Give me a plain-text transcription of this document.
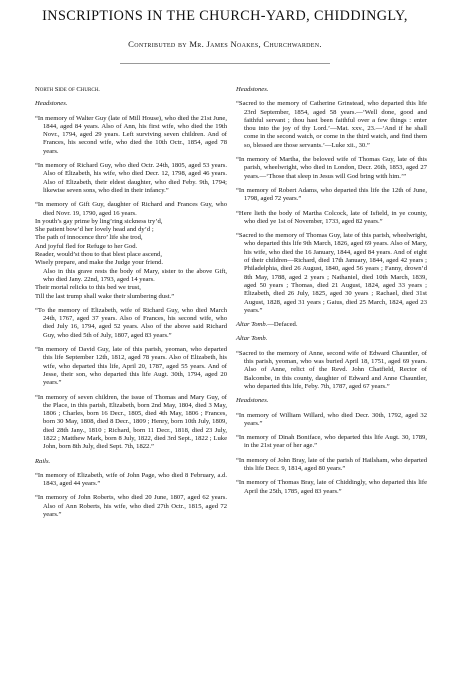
INSCRIPTIONS IN THE CHURCH-YARD, CHIDDINGLY,
Contributed by Mr. James Noakes, Churchwarden.

North Side of Church.

Headstones.

“In memory of Walter Guy (late of Mill House), who died the 21st June, 1844, aged 84 years. Also of Ann, his first wife, who died the 19th Novr., 1794, aged 29 years. Left surviving seven children. And of Frances, his second wife, who died the 10th Octr., 1854, aged 78 years.

“In memory of Richard Guy, who died Octr. 24th, 1805, aged 53 years. Also of Elizabeth, his wife, who died Decr. 12, 1798, aged 46 years. Also of Elizabeth, their eldest daughter, who died Feby. 9th, 1794; likewise seven sons, who died in their infancy.”

“In memory of Gift Guy, daughter of Richard and Frances Guy, who died Novr. 19, 1790, aged 16 years.

In youth’s gay prime by ling’ring sickness try’d,

She patient bow’d her lovely head and dy’d ;

The path of innocence thro’ life she trod,

And joyful fled for Refuge to her God.

Reader, would’st thou to that blest place ascend,

Wisely prepare, and make the Judge your friend.

Also in this grave rests the body of Mary, sister to the above Gift, who died Jany. 22nd, 1793, aged 14 years.

Their mortal relicks to this bed we trust,

Till the last trump shall wake their slumbering dust.”

“To the memory of Elizabeth, wife of Richard Guy, who died March 24th, 1767, aged 37 years. Also of Frances, his second wife, who died July 16, 1794, aged 52 years. Also of the above said Richard Guy, who died 5th of July, 1807, aged 83 years.”

“In memory of David Guy, late of this parish, yeoman, who departed this life September 12th, 1812, aged 78 years. Also of Elizabeth, his wife, who departed this life, April 20, 1787, aged 55 years. And of Jesse, their son, who departed this life Augt. 30th, 1794, aged 20 years.”

“In memory of seven children, the issue of Thomas and Mary Guy, of the Place, in this parish, Elizabeth, born 2nd May, 1804, died 3 May, 1806 ; Charles, born 16 Decr., 1805, died 4th May, 1806 ; Frances, born 30 May, 1808, died 8 Decr., 1809 ; Henry, born 10th July, 1809, died 28th Jany., 1810 ; Richard, born 11 Decr., 1818, died 23 July, 1822 ; Matthew Mark, born 8 July, 1822, died 3rd Sept., 1822 ; Luke John, born 8th July, died Sept. 7th, 1822.”

Rails.

“In memory of Elizabeth, wife of John Page, who died 8 February, a.d. 1843, aged 44 years.”

“In memory of John Roberts, who died 20 June, 1807, aged 62 years. Also of Ann Roberts, his wife, who died 27th Octr., 1815, aged 72 years.”

Headstones.

“Sacred to the memory of Catherine Grinstead, who departed this life 23rd September, 1854, aged 58 years.—‘Well done, good and faithful servant ; thou hast been faithful over a few things : enter thou into the joy of thy Lord.’—Mat. xxv., 23.—‘And if he shall come in the second watch, or come in the third watch, and find them so, blessed are those servants.’—Luke xii., 30.”

“In memory of Martha, the beloved wife of Thomas Guy, late of this parish, wheelwright, who died in London, Decr. 26th, 1853, aged 27 years.—‘Those that sleep in Jesus will God bring with him.’”

“In memory of Robert Adams, who departed this life the 12th of June, 1798, aged 72 years.”

“Here lieth the body of Martha Colcock, late of Isfield, in ye county, who died ye 1st of November, 1733, aged 82 years.”

“Sacred to the memory of Thomas Guy, late of this parish, wheelwright, who departed this life 9th March, 1826, aged 69 years. Also of Mary, his wife, who died the 16 January, 1844, aged 84 years. And of eight of their children—Richard, died 17th January, 1844, aged 42 years ; Philadelphia, died 26 August, 1840, aged 56 years ; Fanny, drown’d 8th May, 1788, aged 2 years ; Nathaniel, died 10th March, 1839, aged 50 years ; Thomas, died 21 August, 1824, aged 33 years ; Elizabeth, died 26 July, 1825, aged 30 years ; Rachael, died 31st August, 1828, aged 31 years ; Gaius, died 25 March, 1824, aged 23 years.”

Altar Tomb.—Defaced.

Altar Tomb.

“Sacred to the memory of Anne, second wife of Edward Chauntler, of this parish, yeoman, who was buried April 18, 1751, aged 69 years. Also of Anne, relict of the Revd. John Chatfield, Rector of Balcombe, in this county, daughter of Edward and Anne Chauntler, who departed this life, Feby. 7th, 1787, aged 67 years.”

Headstones.

“In memory of William Willard, who died Decr. 30th, 1792, aged 32 years.”

“In memory of Dinah Boniface, who departed this life Augt. 30, 1789, in the 21st year of her age.”

“In memory of John Bray, late of the parish of Hailsham, who departed this life Decr. 9, 1814, aged 80 years.”

“In memory of Thomas Bray, late of Chiddingly, who departed this life April the 25th, 1785, aged 83 years.”
